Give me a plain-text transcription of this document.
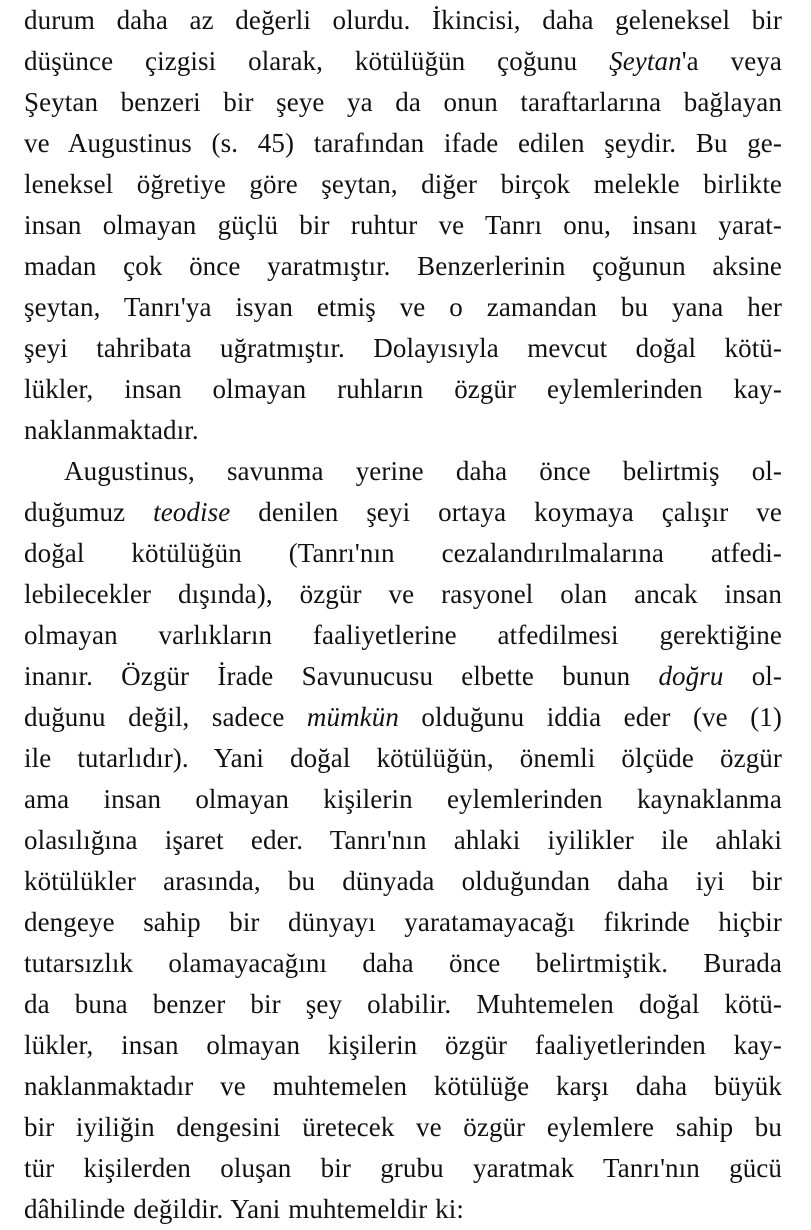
durum daha az değerli olurdu. İkincisi, daha geleneksel bir
düşünce çizgisi olarak, kötülüğün çoğunu Şeytan'a veya
Şeytan benzeri bir şeye ya da onun taraftarlarına bağlayan
ve Augustinus (s. 45) tarafından ifade edilen şeydir. Bu ge-
leneksel öğretiye göre şeytan, diğer birçok melekle birlikte
insan olmayan güçlü bir ruhtur ve Tanrı onu, insanı yarat-
madan çok önce yaratmıştır. Benzerlerinin çoğunun aksine
şeytan, Tanrı'ya isyan etmiş ve o zamandan bu yana her
şeyi tahribata uğratmıştır. Dolayısıyla mevcut doğal kötü-
lükler, insan olmayan ruhların özgür eylemlerinden kay-
naklanmaktadır.
Augustinus, savunma yerine daha önce belirtmiş ol-
duğumuz teodise denilen şeyi ortaya koymaya çalışır ve
doğal kötülüğün (Tanrı'nın cezalandırılmalarına atfedi-
lebilecekler dışında), özgür ve rasyonel olan ancak insan
olmayan varlıkların faaliyetlerine atfedilmesi gerektiğine
inanır. Özgür İrade Savunucusu elbette bunun doğru ol-
duğunu değil, sadece mümkün olduğunu iddia eder (ve (1)
ile tutarlıdır). Yani doğal kötülüğün, önemli ölçüde özgür
ama insan olmayan kişilerin eylemlerinden kaynaklanma
olasılığına işaret eder. Tanrı'nın ahlaki iyilikler ile ahlaki
kötülükler arasında, bu dünyada olduğundan daha iyi bir
dengeye sahip bir dünyayı yaratamayacağı fikrinde hiçbir
tutarsızlık olamayacağını daha önce belirtmiştik. Burada
da buna benzer bir şey olabilir. Muhtemelen doğal kötü-
lükler, insan olmayan kişilerin özgür faaliyetlerinden kay-
naklanmaktadır ve muhtemelen kötülüğe karşı daha büyük
bir iyiliğin dengesini üretecek ve özgür eylemlere sahip bu
tür kişilerden oluşan bir grubu yaratmak Tanrı'nın gücü
dâhilinde değildir. Yani muhtemeldir ki:
